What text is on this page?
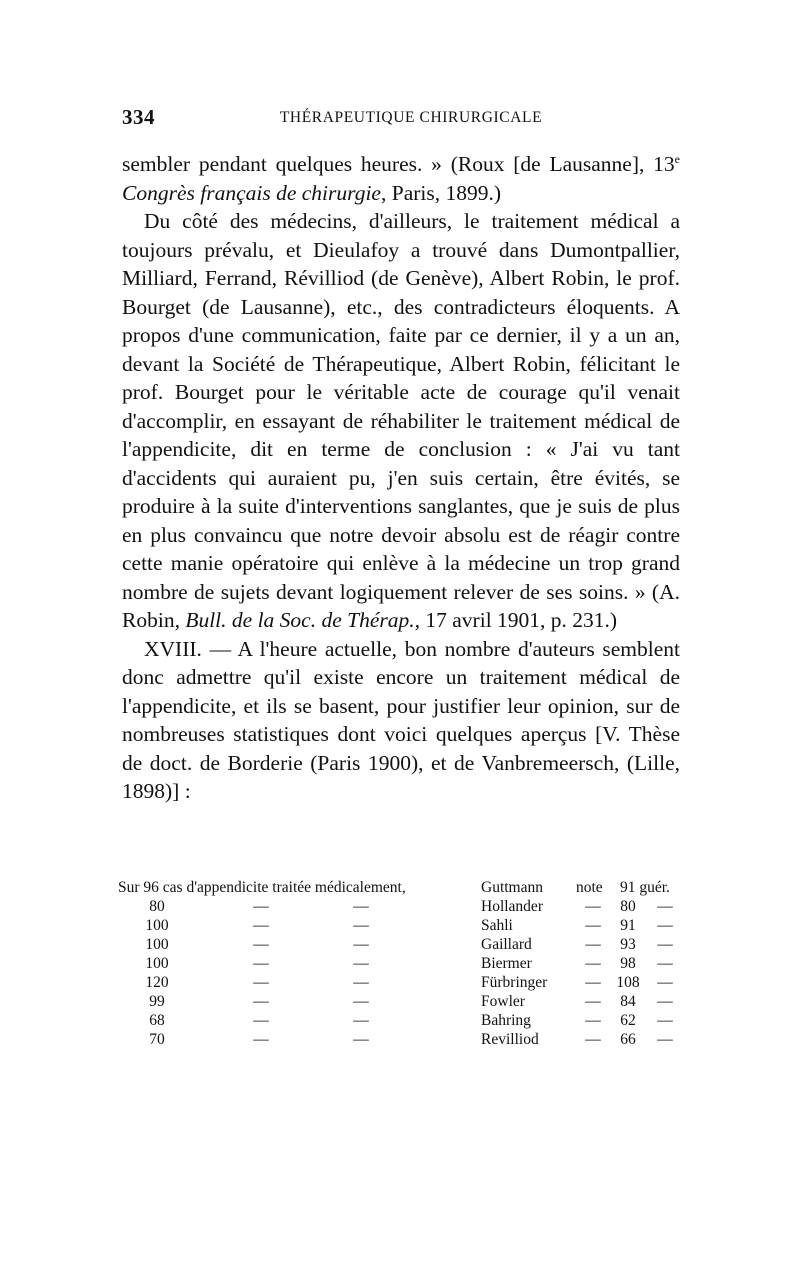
334	THÉRAPEUTIQUE CHIRURGICALE

sembler pendant quelques heures. » (Roux [de Lausanne], 13e Congrès français de chirurgie, Paris, 1899.)

Du côté des médecins, d'ailleurs, le traitement médical a toujours prévalu, et Dieulafoy a trouvé dans Dumontpallier, Milliard, Ferrand, Révilliod (de Genève), Albert Robin, le prof. Bourget (de Lausanne), etc., des contradicteurs éloquents. A propos d'une communication, faite par ce dernier, il y a un an, devant la Société de Thérapeutique, Albert Robin, félicitant le prof. Bourget pour le véritable acte de courage qu'il venait d'accomplir, en essayant de réhabiliter le traitement médical de l'appendicite, dit en terme de conclusion : « J'ai vu tant d'accidents qui auraient pu, j'en suis certain, être évités, se produire à la suite d'interventions sanglantes, que je suis de plus en plus convaincu que notre devoir absolu est de réagir contre cette manie opératoire qui enlève à la médecine un trop grand nombre de sujets devant logiquement relever de ses soins. » (A. Robin, Bull. de la Soc. de Thérap., 17 avril 1901, p. 231.)

XVIII. — A l'heure actuelle, bon nombre d'auteurs semblent donc admettre qu'il existe encore un traitement médical de l'appendicite, et ils se basent, pour justifier leur opinion, sur de nombreuses statistiques dont voici quelques aperçus [V. Thèse de doct. de Borderie (Paris 1900), et de Vanbremeersch, (Lille, 1898)] :

Sur 96 cas d'appendicite traitée médicalement,	Guttmann note 91 guér.
80	—	—	Hollander	—	80	—
100	—	—	Sahli	—	91	—
100	—	—	Gaillard	—	93	—
100	—	—	Biermer	—	98	—
120	—	—	Fürbringer	—	108	—
99	—	—	Fowler	—	84	—
68	—	—	Bahring	—	62	—
70	—	—	Revilliod	—	66	—
